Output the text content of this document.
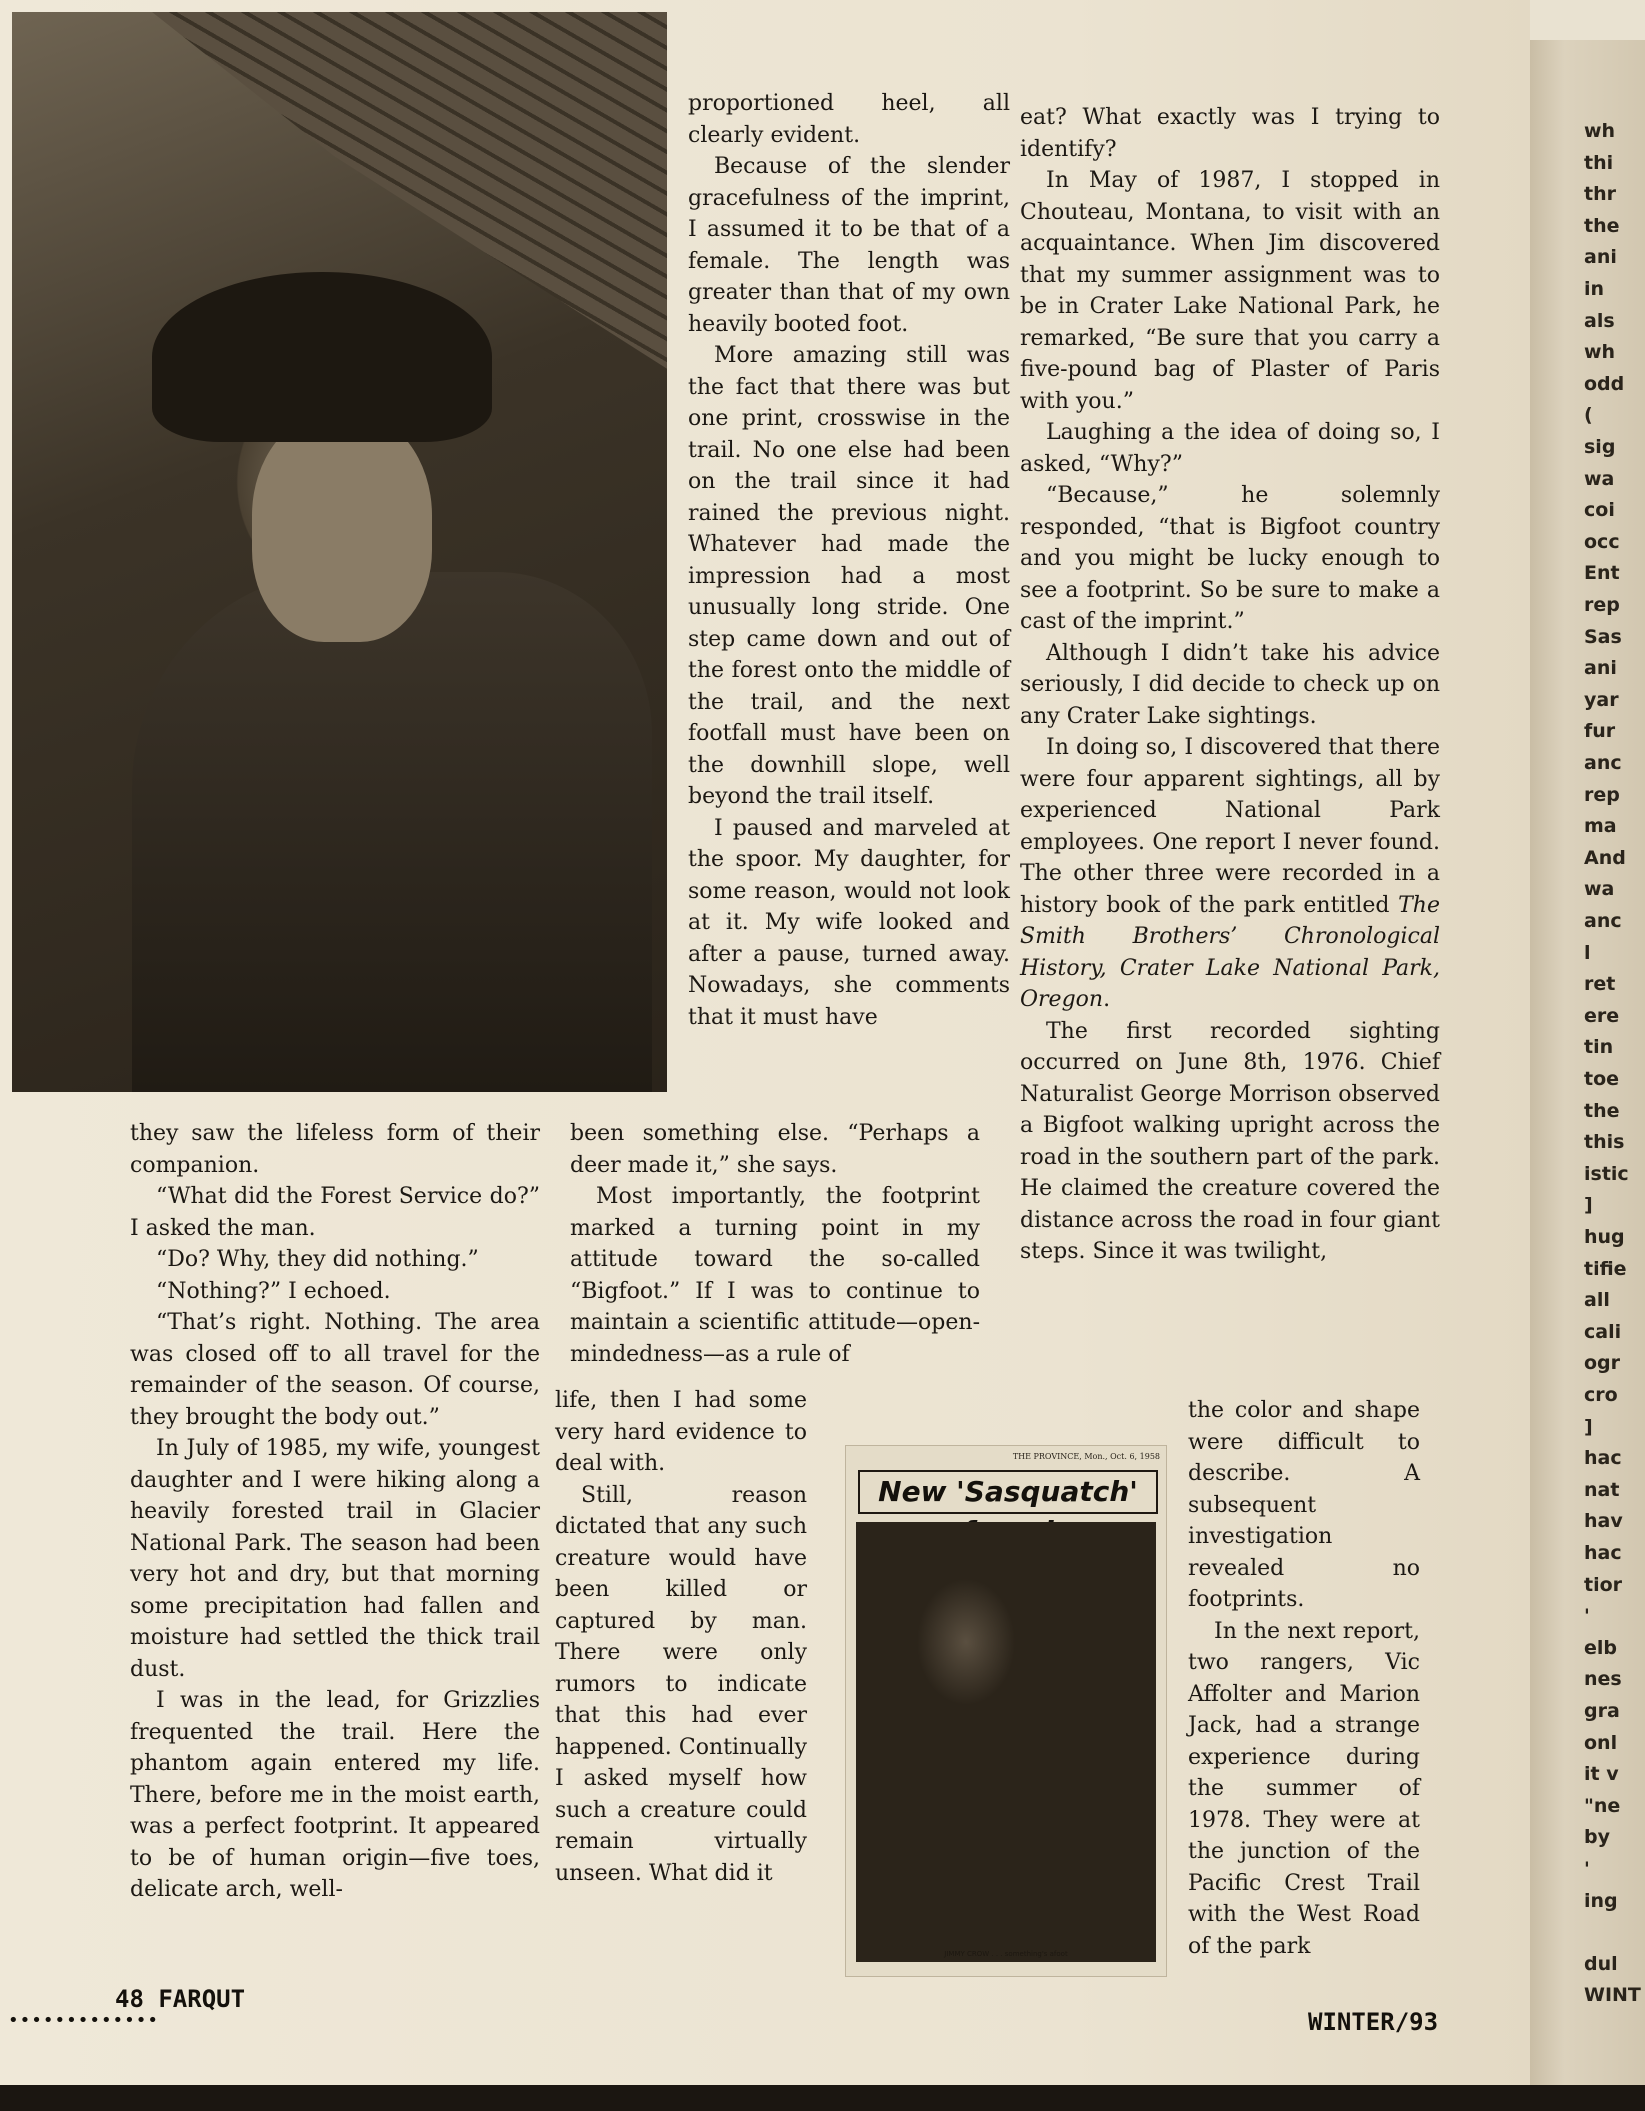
proportioned heel, all clearly evident.

Because of the slender gracefulness of the imprint, I assumed it to be that of a female. The length was greater than that of my own heavily booted foot.

More amazing still was the fact that there was but one print, crosswise in the trail. No one else had been on the trail since it had rained the previous night. Whatever had made the impression had a most unusually long stride. One step came down and out of the forest onto the middle of the trail, and the next footfall must have been on the downhill slope, well beyond the trail itself.

I paused and marveled at the spoor. My daughter, for some reason, would not look at it. My wife looked and after a pause, turned away. Nowadays, she comments that it must have

they saw the lifeless form of their companion.

“What did the Forest Service do?” I asked the man.

“Do? Why, they did nothing.”

“Nothing?” I echoed.

“That’s right. Nothing. The area was closed off to all travel for the remainder of the season. Of course, they brought the body out.”

In July of 1985, my wife, youngest daughter and I were hiking along a heavily forested trail in Glacier National Park. The season had been very hot and dry, but that morning some precipitation had fallen and moisture had settled the thick trail dust.

I was in the lead, for Grizzlies frequented the trail. Here the phantom again entered my life. There, before me in the moist earth, was a perfect footprint. It appeared to be of human origin—five toes, delicate arch, well-

been something else. “Perhaps a deer made it,” she says.

Most importantly, the footprint marked a turning point in my attitude toward the so-called “Bigfoot.” If I was to continue to maintain a scientific attitude—open-mindedness—as a rule of

life, then I had some very hard evidence to deal with.

Still, reason dictated that any such creature would have been killed or captured by man. There were only rumors to indicate that this had ever happened. Continually I asked myself how such a creature could remain virtually unseen. What did it

eat? What exactly was I trying to identify?

In May of 1987, I stopped in Chouteau, Montana, to visit with an acquaintance. When Jim discovered that my summer assignment was to be in Crater Lake National Park, he remarked, “Be sure that you carry a five-pound bag of Plaster of Paris with you.”

Laughing a the idea of doing so, I asked, “Why?”

“Because,” he solemnly responded, “that is Bigfoot country and you might be lucky enough to see a footprint. So be sure to make a cast of the imprint.”

Although I didn’t take his advice seriously, I did decide to check up on any Crater Lake sightings.

In doing so, I discovered that there were four apparent sightings, all by experienced National Park employees. One report I never found. The other three were recorded in a history book of the park entitled The Smith Brothers’ Chronological History, Crater Lake National Park, Oregon.

The first recorded sighting occurred on June 8th, 1976. Chief Naturalist George Morrison observed a Bigfoot walking upright across the road in the southern part of the park. He claimed the creature covered the distance across the road in four giant steps. Since it was twilight,

the color and shape were difficult to describe. A subsequent investigation revealed no footprints.

In the next report, two rangers, Vic Affolter and Marion Jack, had a strange experience during the summer of 1978. They were at the junction of the Pacific Crest Trail with the West Road of the park

THE PROVINCE, Mon., Oct. 6, 1958
New 'Sasquatch'
JIMMY CROW . . . something's afoot
48 FARQUT
WINTER/93
•••••••••••••
wh
thi
thr
the
ani
in
als
wh
odd
(
sig
wa
coi
occ
Ent
rep
Sas
ani
yar
fur
anc
rep
ma
And
wa
anc
l
ret
ere
tin
toe
the
this
istic
]
hug
tifie
all
cali
ogr
cro
]
hac
nat
hav
hac
tior
'
elb
nes
gra
onl
it v
"ne
by
'
ing
dul
WINT
